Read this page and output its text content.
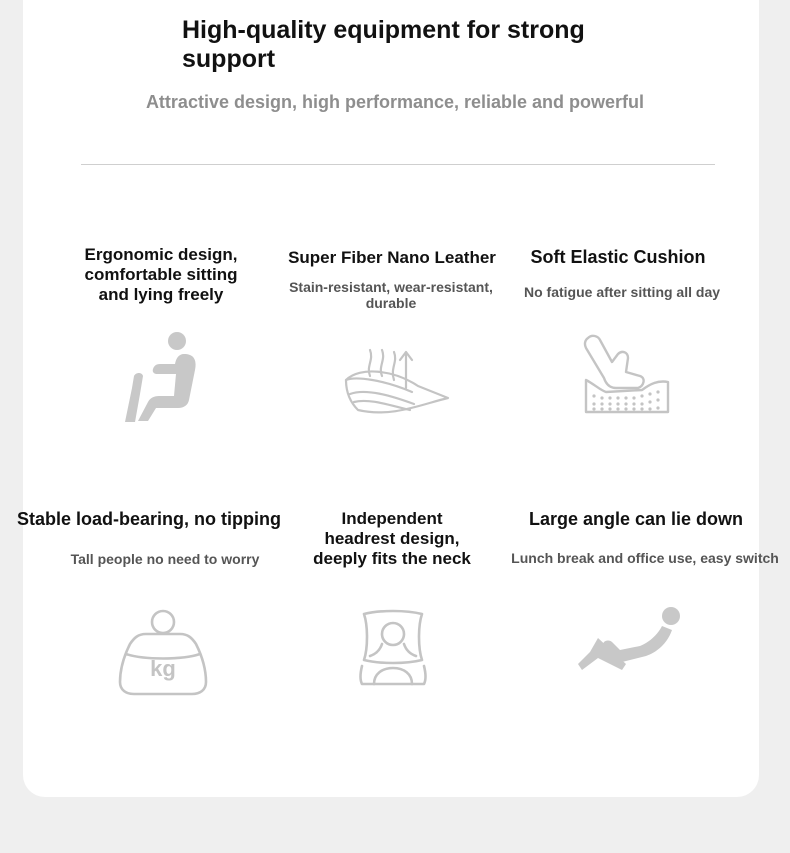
High-quality equipment for strong support

Attractive design, high performance, reliable and powerful

Ergonomic design, comfortable sitting and lying freely

Super Fiber Nano Leather

Stain-resistant, wear-resistant, durable

Soft Elastic Cushion

No fatigue after sitting all day

Stable load-bearing, no tipping

Tall people no need to worry

kg

Independent headrest design, deeply fits the neck

Large angle can lie down

Lunch break and office use, easy switch
